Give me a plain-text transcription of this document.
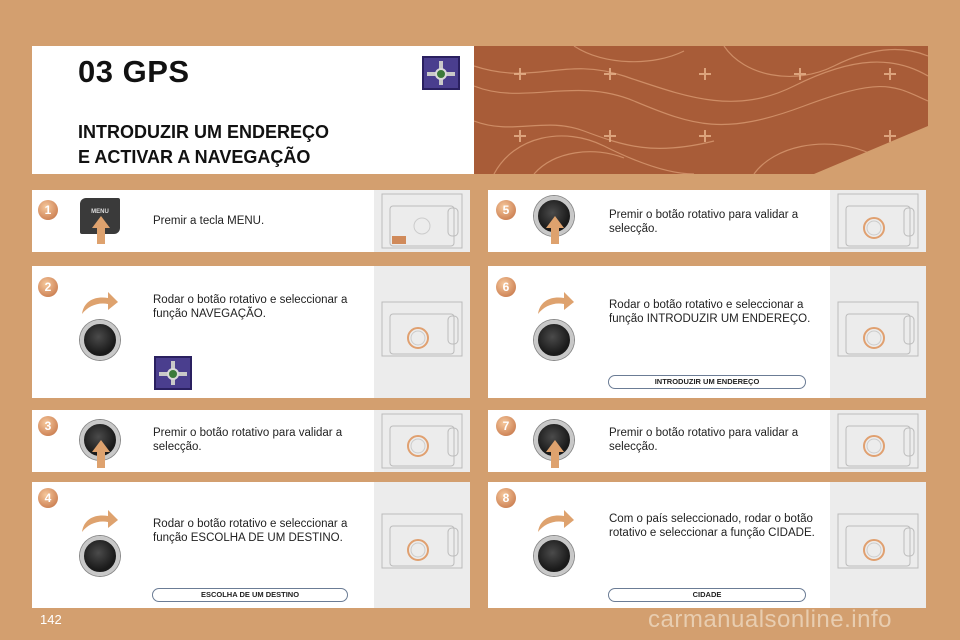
03 GPS
INTRODUZIR UM ENDEREÇO
E ACTIVAR A NAVEGAÇÃO
1	MENU
Premir a tecla MENU.
2
Rodar o botão rotativo e seleccionar a função NAVEGAÇÃO.
3	Premir o botão rotativo para validar a selecção.
4
Rodar o botão rotativo e seleccionar a função ESCOLHA DE UM DESTINO.
ESCOLHA DE UM DESTINO
5	Premir o botão rotativo para validar a selecção.
6
Rodar o botão rotativo e seleccionar a função INTRODUZIR UM ENDEREÇO.
INTRODUZIR UM ENDEREÇO
7	Premir o botão rotativo para validar a selecção.
8
Com o país seleccionado, rodar o botão rotativo e seleccionar a função CIDADE.
CIDADE
142	carmanualsonline.info
